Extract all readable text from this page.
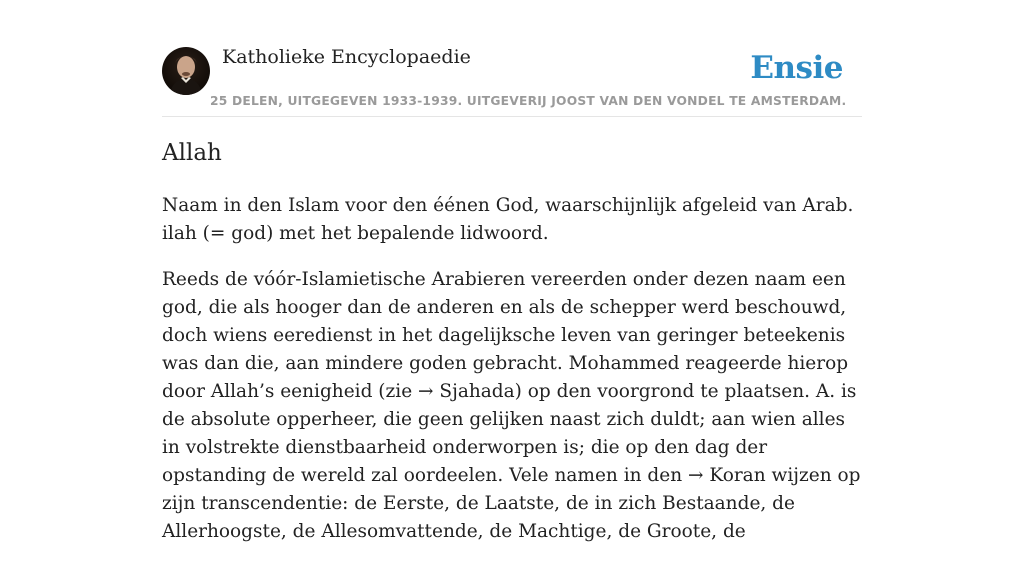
Katholieke Encyclopaedie
25 DELEN, UITGEGEVEN 1933-1939. UITGEVERIJ JOOST VAN DEN VONDEL TE AMSTERDAM.
Ensie
Allah

Naam in den Islam voor den éénen God, waarschijnlijk afgeleid van Arab. ilah (= god) met het bepalende lidwoord.

Reeds de vóór-Islamietische Arabieren vereerden onder dezen naam een god, die als hooger dan de anderen en als de schepper werd beschouwd, doch wiens eeredienst in het dagelijksche leven van geringer beteekenis was dan die, aan mindere goden gebracht. Mohammed reageerde hierop door Allah’s eenigheid (zie → Sjahada) op den voorgrond te plaatsen. A. is de absolute opperheer, die geen gelijken naast zich duldt; aan wien alles in volstrekte dienstbaarheid onderworpen is; die op den dag der opstanding de wereld zal oordeelen. Vele namen in den → Koran wijzen op zijn transcendentie: de Eerste, de Laatste, de in zich Bestaande, de Allerhoogste, de Allesomvattende, de Machtige, de Groote, de
